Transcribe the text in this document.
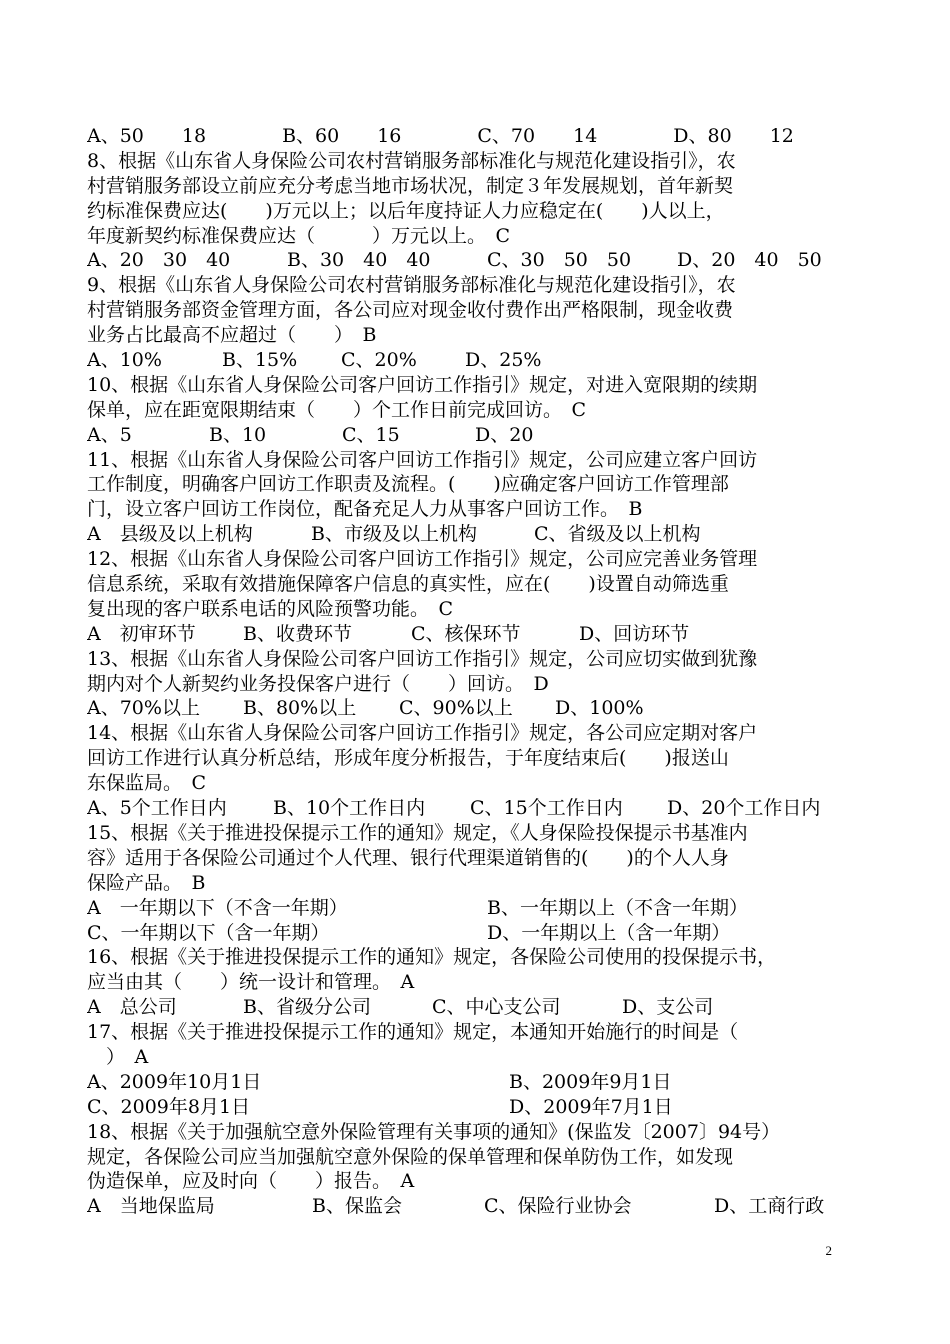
A、50　　18　　　　B、60　　16　　　　C、70　　14　　　　D、80　　12
8、根据《山东省人身保险公司农村营销服务部标准化与规范化建设指引》，农
村营销服务部设立前应充分考虑当地市场状况，制定３年发展规划，首年新契
约标准保费应达(　　)万元以上；以后年度持证人力应稳定在(　　)人以上，
年度新契约标准保费应达（　　　）万元以上。　C
A、20　30　40	B、30　40　40	C、30　50　50 D、20　40　50
9、根据《山东省人身保险公司农村营销服务部标准化与规范化建设指引》，农
村营销服务部资金管理方面，各公司应对现金收付费作出严格限制，现金收费
业务占比最高不应超过（　　）　B
A、10%	B、15% C、20%	D、25%
10、根据《山东省人身保险公司客户回访工作指引》规定，对进入宽限期的续期
保单，应在距宽限期结束（　　）个工作日前完成回访。　C
A、5	B、10	C、15	D、20
11、根据《山东省人身保险公司客户回访工作指引》规定，公司应建立客户回访
工作制度，明确客户回访工作职责及流程。(　　)应确定客户回访工作管理部
门，设立客户回访工作岗位，配备充足人力从事客户回访工作。　B
A　县级及以上机构	B、市级及以上机构	C、省级及以上机构
12、根据《山东省人身保险公司客户回访工作指引》规定，公司应完善业务管理
信息系统，采取有效措施保障客户信息的真实性，应在(　　)设置自动筛选重
复出现的客户联系电话的风险预警功能。　C
A　初审环节 B、收费环节	C、核保环节	D、回访环节
13、根据《山东省人身保险公司客户回访工作指引》规定，公司应切实做到犹豫
期内对个人新契约业务投保客户进行（　　）回访。　D
A、70%以上 B、80%以上 C、90%以上 D、100%
14、根据《山东省人身保险公司客户回访工作指引》规定，各公司应定期对客户
回访工作进行认真分析总结，形成年度分析报告，于年度结束后(　　)报送山
东保监局。　C
A、5个工作日内 B、10个工作日内 C、15个工作日内 D、20个工作日内
15、根据《关于推进投保提示工作的通知》规定，《人身保险投保提示书基准内
容》适用于各保险公司通过个人代理、银行代理渠道销售的(　　)的个人人身
保险产品。　B
A　一年期以下（不含一年期）	B、一年期以上（不含一年期）
C、一年期以下（含一年期）	D、一年期以上（含一年期）
16、根据《关于推进投保提示工作的通知》规定，各保险公司使用的投保提示书，
应当由其（　　）统一设计和管理。　A
A　总公司	B、省级分公司	C、中心支公司	D、支公司
17、根据《关于推进投保提示工作的通知》规定，本通知开始施行的时间是（
　）　A
A、2009年10月1日	B、2009年9月1日
C、2009年8月1日	D、2009年7月1日
18、根据《关于加强航空意外保险管理有关事项的通知》(保监发〔2007〕94号）
规定，各保险公司应当加强航空意外保险的保单管理和保单防伪工作，如发现
伪造保单，应及时向（　　）报告。　A
A　当地保监局	B、保监会	C、保险行业协会	D、工商行政
2
